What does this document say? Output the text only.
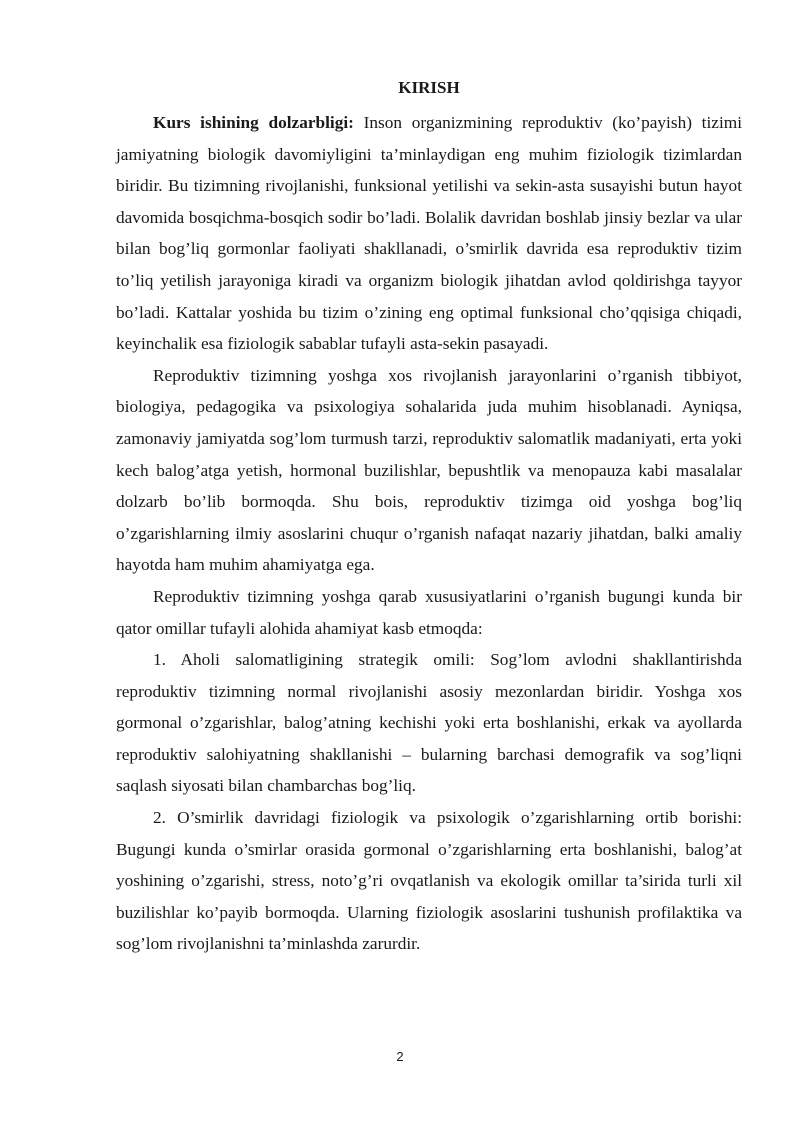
KIRISH

Kurs ishining dolzarbligi: Inson organizmining reproduktiv (ko’payish) tizimi jamiyatning biologik davomiyligini ta’minlaydigan eng muhim fiziologik tizimlardan biridir. Bu tizimning rivojlanishi, funksional yetilishi va sekin-asta susayishi butun hayot davomida bosqichma-bosqich sodir bo’ladi. Bolalik davridan boshlab jinsiy bezlar va ular bilan bog’liq gormonlar faoliyati shakllanadi, o’smirlik davrida esa reproduktiv tizim to’liq yetilish jarayoniga kiradi va organizm biologik jihatdan avlod qoldirishga tayyor bo’ladi. Kattalar yoshida bu tizim o’zining eng optimal funksional cho’qqisiga chiqadi, keyinchalik esa fiziologik sabablar tufayli asta-sekin pasayadi.

Reproduktiv tizimning yoshga xos rivojlanish jarayonlarini o’rganish tibbiyot, biologiya, pedagogika va psixologiya sohalarida juda muhim hisoblanadi. Ayniqsa, zamonaviy jamiyatda sog’lom turmush tarzi, reproduktiv salomatlik madaniyati, erta yoki kech balog’atga yetish, hormonal buzilishlar, bepushtlik va menopauza kabi masalalar dolzarb bo’lib bormoqda. Shu bois, reproduktiv tizimga oid yoshga bog’liq o’zgarishlarning ilmiy asoslarini chuqur o’rganish nafaqat nazariy jihatdan, balki amaliy hayotda ham muhim ahamiyatga ega.

Reproduktiv tizimning yoshga qarab xususiyatlarini o’rganish bugungi kunda bir qator omillar tufayli alohida ahamiyat kasb etmoqda:

1. Aholi salomatligining strategik omili: Sog’lom avlodni shakllantirishda reproduktiv tizimning normal rivojlanishi asosiy mezonlardan biridir. Yoshga xos gormonal o’zgarishlar, balog’atning kechishi yoki erta boshlanishi, erkak va ayollarda reproduktiv salohiyatning shakllanishi – bularning barchasi demografik va sog’liqni saqlash siyosati bilan chambarchas bog’liq.

2. O’smirlik davridagi fiziologik va psixologik o’zgarishlarning ortib borishi: Bugungi kunda o’smirlar orasida gormonal o’zgarishlarning erta boshlanishi, balog’at yoshining o’zgarishi, stress, noto’g’ri ovqatlanish va ekologik omillar ta’sirida turli xil buzilishlar ko’payib bormoqda. Ularning fiziologik asoslarini tushunish profilaktika va sog’lom rivojlanishni ta’minlashda zarurdir.

2
